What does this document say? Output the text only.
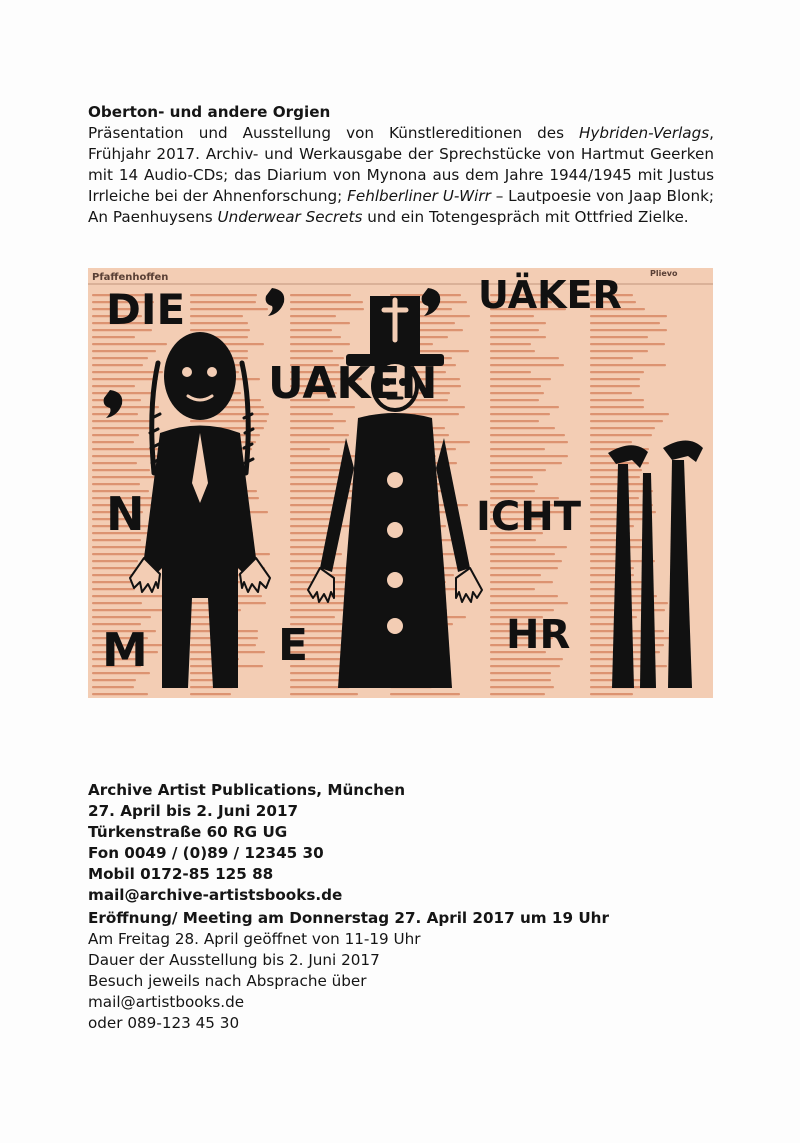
Oberton- und andere Orgien
Präsentation und Ausstellung von Künstlereditionen des Hybriden-Verlags, Frühjahr 2017. Archiv- und Werkausgabe der Sprechstücke von Hartmut Geerken mit 14 Audio-CDs; das Diarium von Mynona aus dem Jahre 1944/1945 mit Justus Irrleiche bei der Ahnenforschung; Fehlberliner U-Wirr – Lautpoesie von Jaap Blonk; An Paenhuysens Underwear Secrets und ein Totengespräch mit Ottfried Zielke.
Pfaffenhoffen	Plievo
DIE	UÄKER
UAKEN
N	ICHT
M	E	HR
Archive Artist Publications, München
27. April bis 2. Juni 2017
Türkenstraße 60 RG UG
Fon 0049 / (0)89 / 12345 30
Mobil 0172-85 125 88
mail@archive-artistsbooks.de
Eröffnung/ Meeting am Donnerstag 27. April 2017 um 19 Uhr
Am Freitag 28. April geöffnet von 11-19 Uhr
Dauer der Ausstellung bis 2. Juni 2017
Besuch jeweils nach Absprache über
mail@artistbooks.de
oder 089-123 45 30
